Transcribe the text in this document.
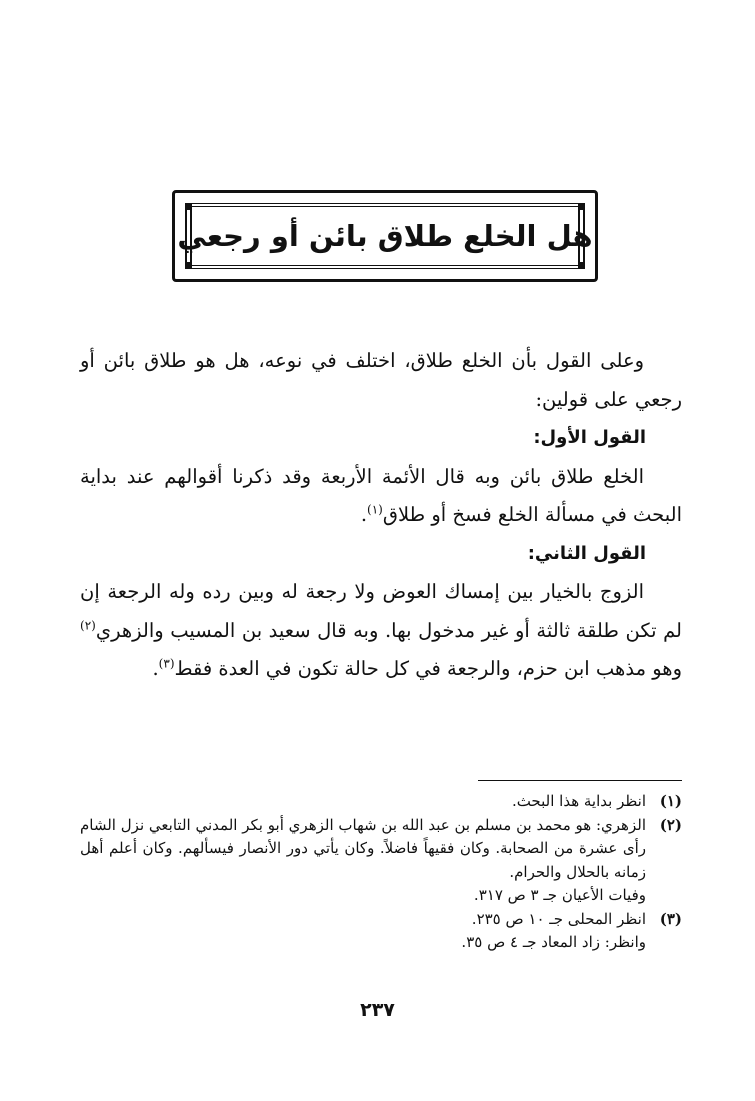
هل الخلع طلاق بائن أو رجعي

وعلى القول بأن الخلع طلاق، اختلف في نوعه، هل هو طلاق بائن أو رجعي على قولين:

القول الأول:

الخلع طلاق بائن وبه قال الأئمة الأربعة وقد ذكرنا أقوالهم عند بداية البحث في مسألة الخلع فسخ أو طلاق$^{(١)}$.

القول الثاني:

الزوج بالخيار بين إمساك العوض ولا رجعة له وبين رده وله الرجعة إن لم تكن طلقة ثالثة أو غير مدخول بها. وبه قال سعيد بن المسيب والزهري$^{(٢)}$ وهو مذهب ابن حزم، والرجعة في كل حالة تكون في العدة فقط$^{(٣)}$.

(١)

انظر بداية هذا البحث.

(٢)

الزهري: هو محمد بن مسلم بن عبد الله بن شهاب الزهري أبو بكر المدني التابعي نزل الشام رأى عشرة من الصحابة. وكان فقيهاً فاضلاً. وكان يأتي دور الأنصار فيسألهم. وكان أعلم أهل زمانه بالحلال والحرام.

وفيات الأعيان جـ ٣ ص ٣١٧.

(٣)

انظر المحلى جـ ١٠ ص ٢٣٥.

وانظر: زاد المعاد جـ ٤ ص ٣٥.

٢٣٧
